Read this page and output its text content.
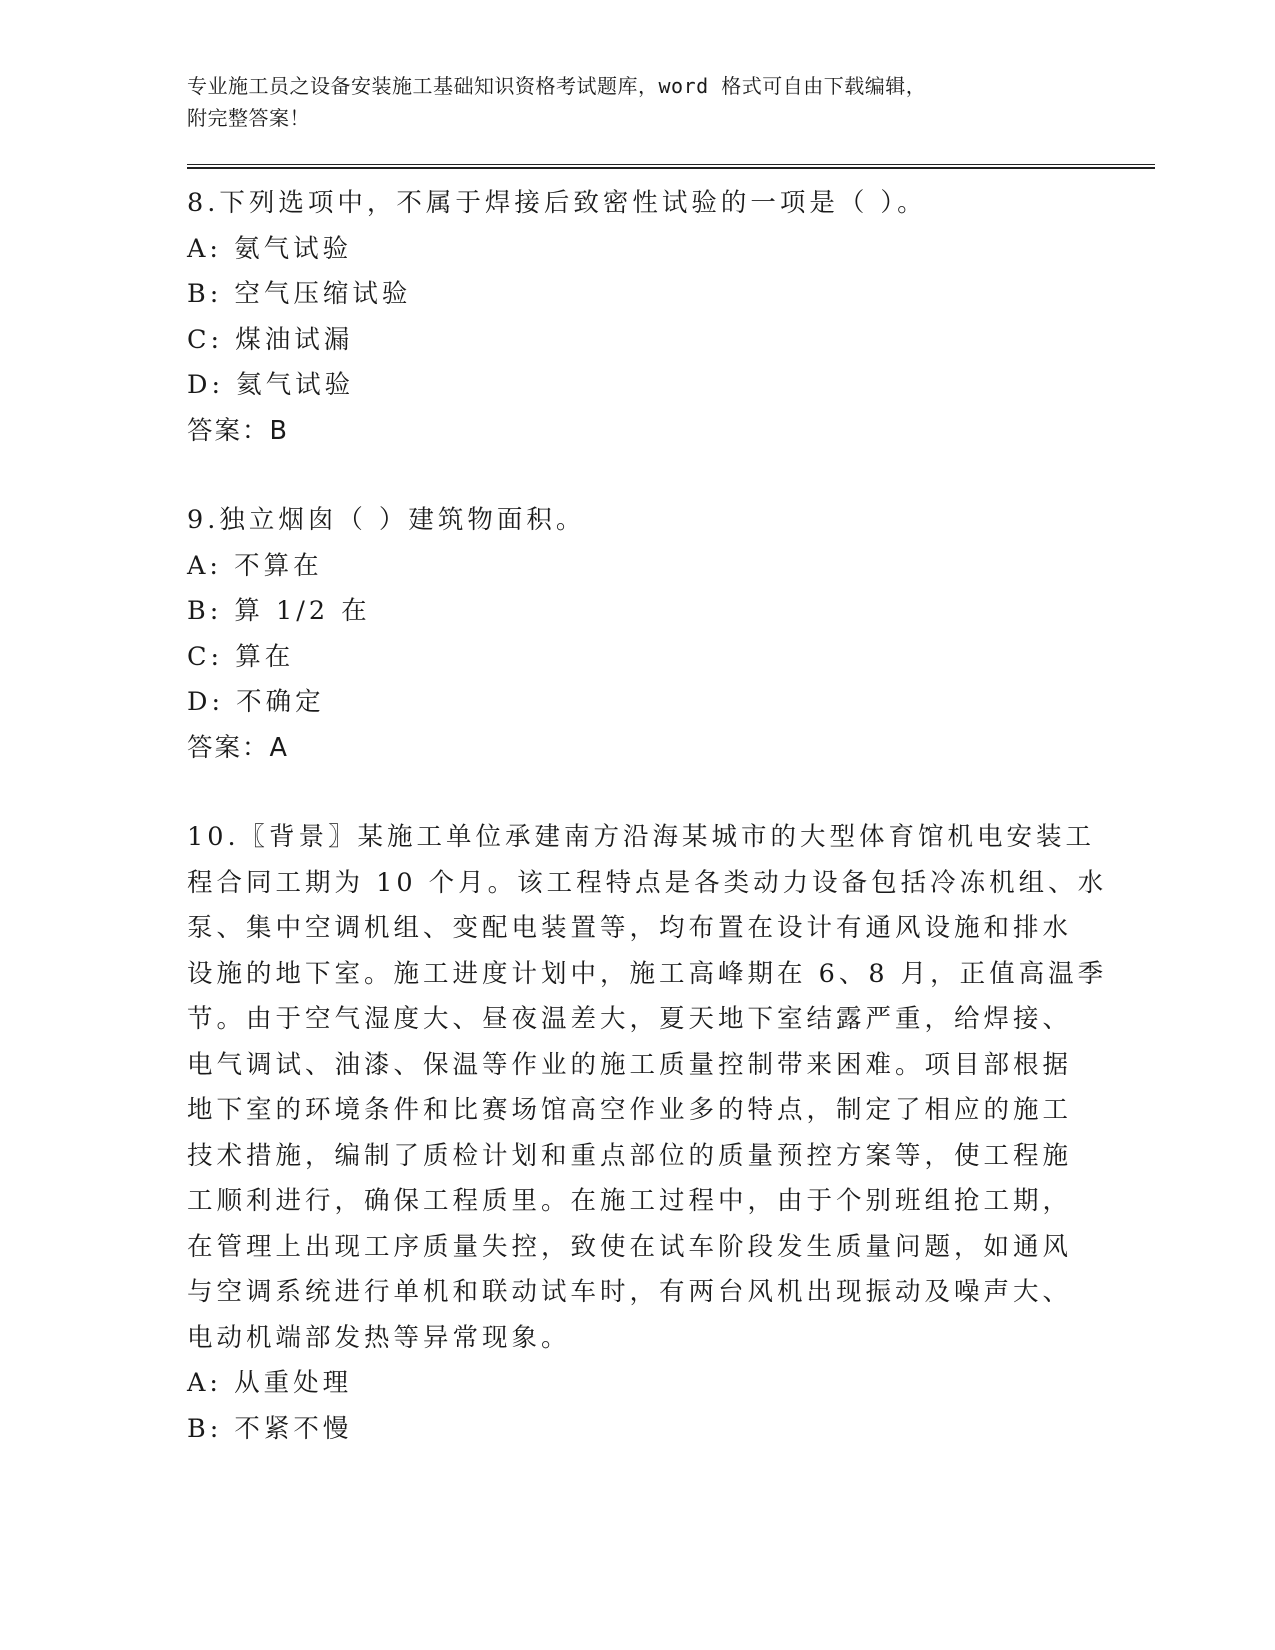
专业施工员之设备安装施工基础知识资格考试题库，word 格式可自由下载编辑，

附完整答案！

8.下列选项中，不属于焊接后致密性试验的一项是（ ）。
A: 氨气试验
B: 空气压缩试验
C: 煤油试漏
D: 氦气试验
答案：B
9.独立烟囱（ ）建筑物面积。
A: 不算在
B: 算 1/2 在
C: 算在
D: 不确定
答案：A
10.〖背景〗某施工单位承建南方沿海某城市的大型体育馆机电安装工
程合同工期为 10 个月。该工程特点是各类动力设备包括冷冻机组、水
泵、集中空调机组、变配电装置等，均布置在设计有通风设施和排水
设施的地下室。施工进度计划中，施工高峰期在 6、8 月，正值高温季
节。由于空气湿度大、昼夜温差大，夏天地下室结露严重，给焊接、
电气调试、油漆、保温等作业的施工质量控制带来困难。项目部根据
地下室的环境条件和比赛场馆高空作业多的特点，制定了相应的施工
技术措施，编制了质检计划和重点部位的质量预控方案等，使工程施
工顺利进行，确保工程质里。在施工过程中，由于个别班组抢工期，
在管理上出现工序质量失控，致使在试车阶段发生质量问题，如通风
与空调系统进行单机和联动试车时，有两台风机出现振动及噪声大、
电动机端部发热等异常现象。
A: 从重处理
B: 不紧不慢
